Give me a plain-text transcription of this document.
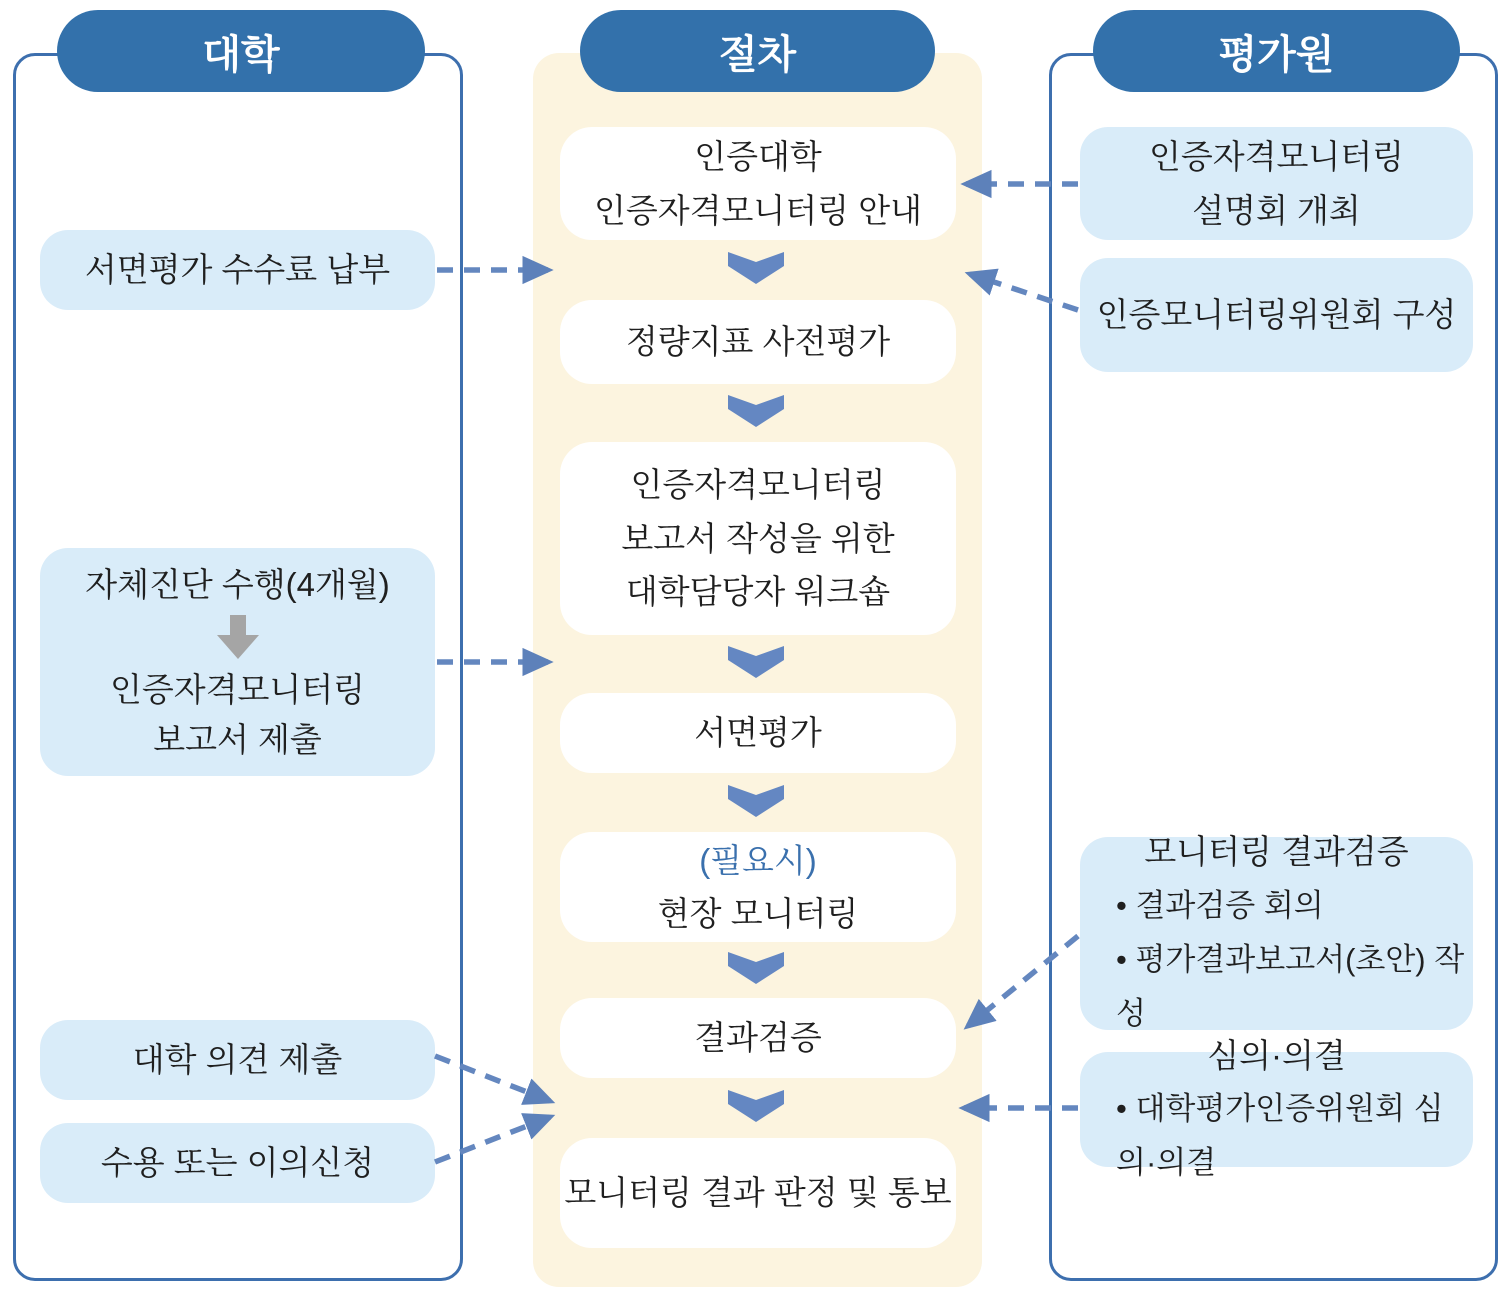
대학	절차	평가원
서면평가 수수료 납부
자체진단 수행(4개월)
인증자격모니터링
보고서 제출
대학 의견 제출
수용 또는 이의신청
인증대학
인증자격모니터링 안내
정량지표 사전평가
인증자격모니터링
보고서 작성을 위한
대학담당자 워크숍
서면평가
(필요시)
현장 모니터링
결과검증
모니터링 결과 판정 및 통보
인증자격모니터링
설명회 개최
인증모니터링위원회 구성
모니터링 결과검증
• 결과검증 회의
• 평가결과보고서(초안) 작성
심의·의결
• 대학평가인증위원회 심의·의결
